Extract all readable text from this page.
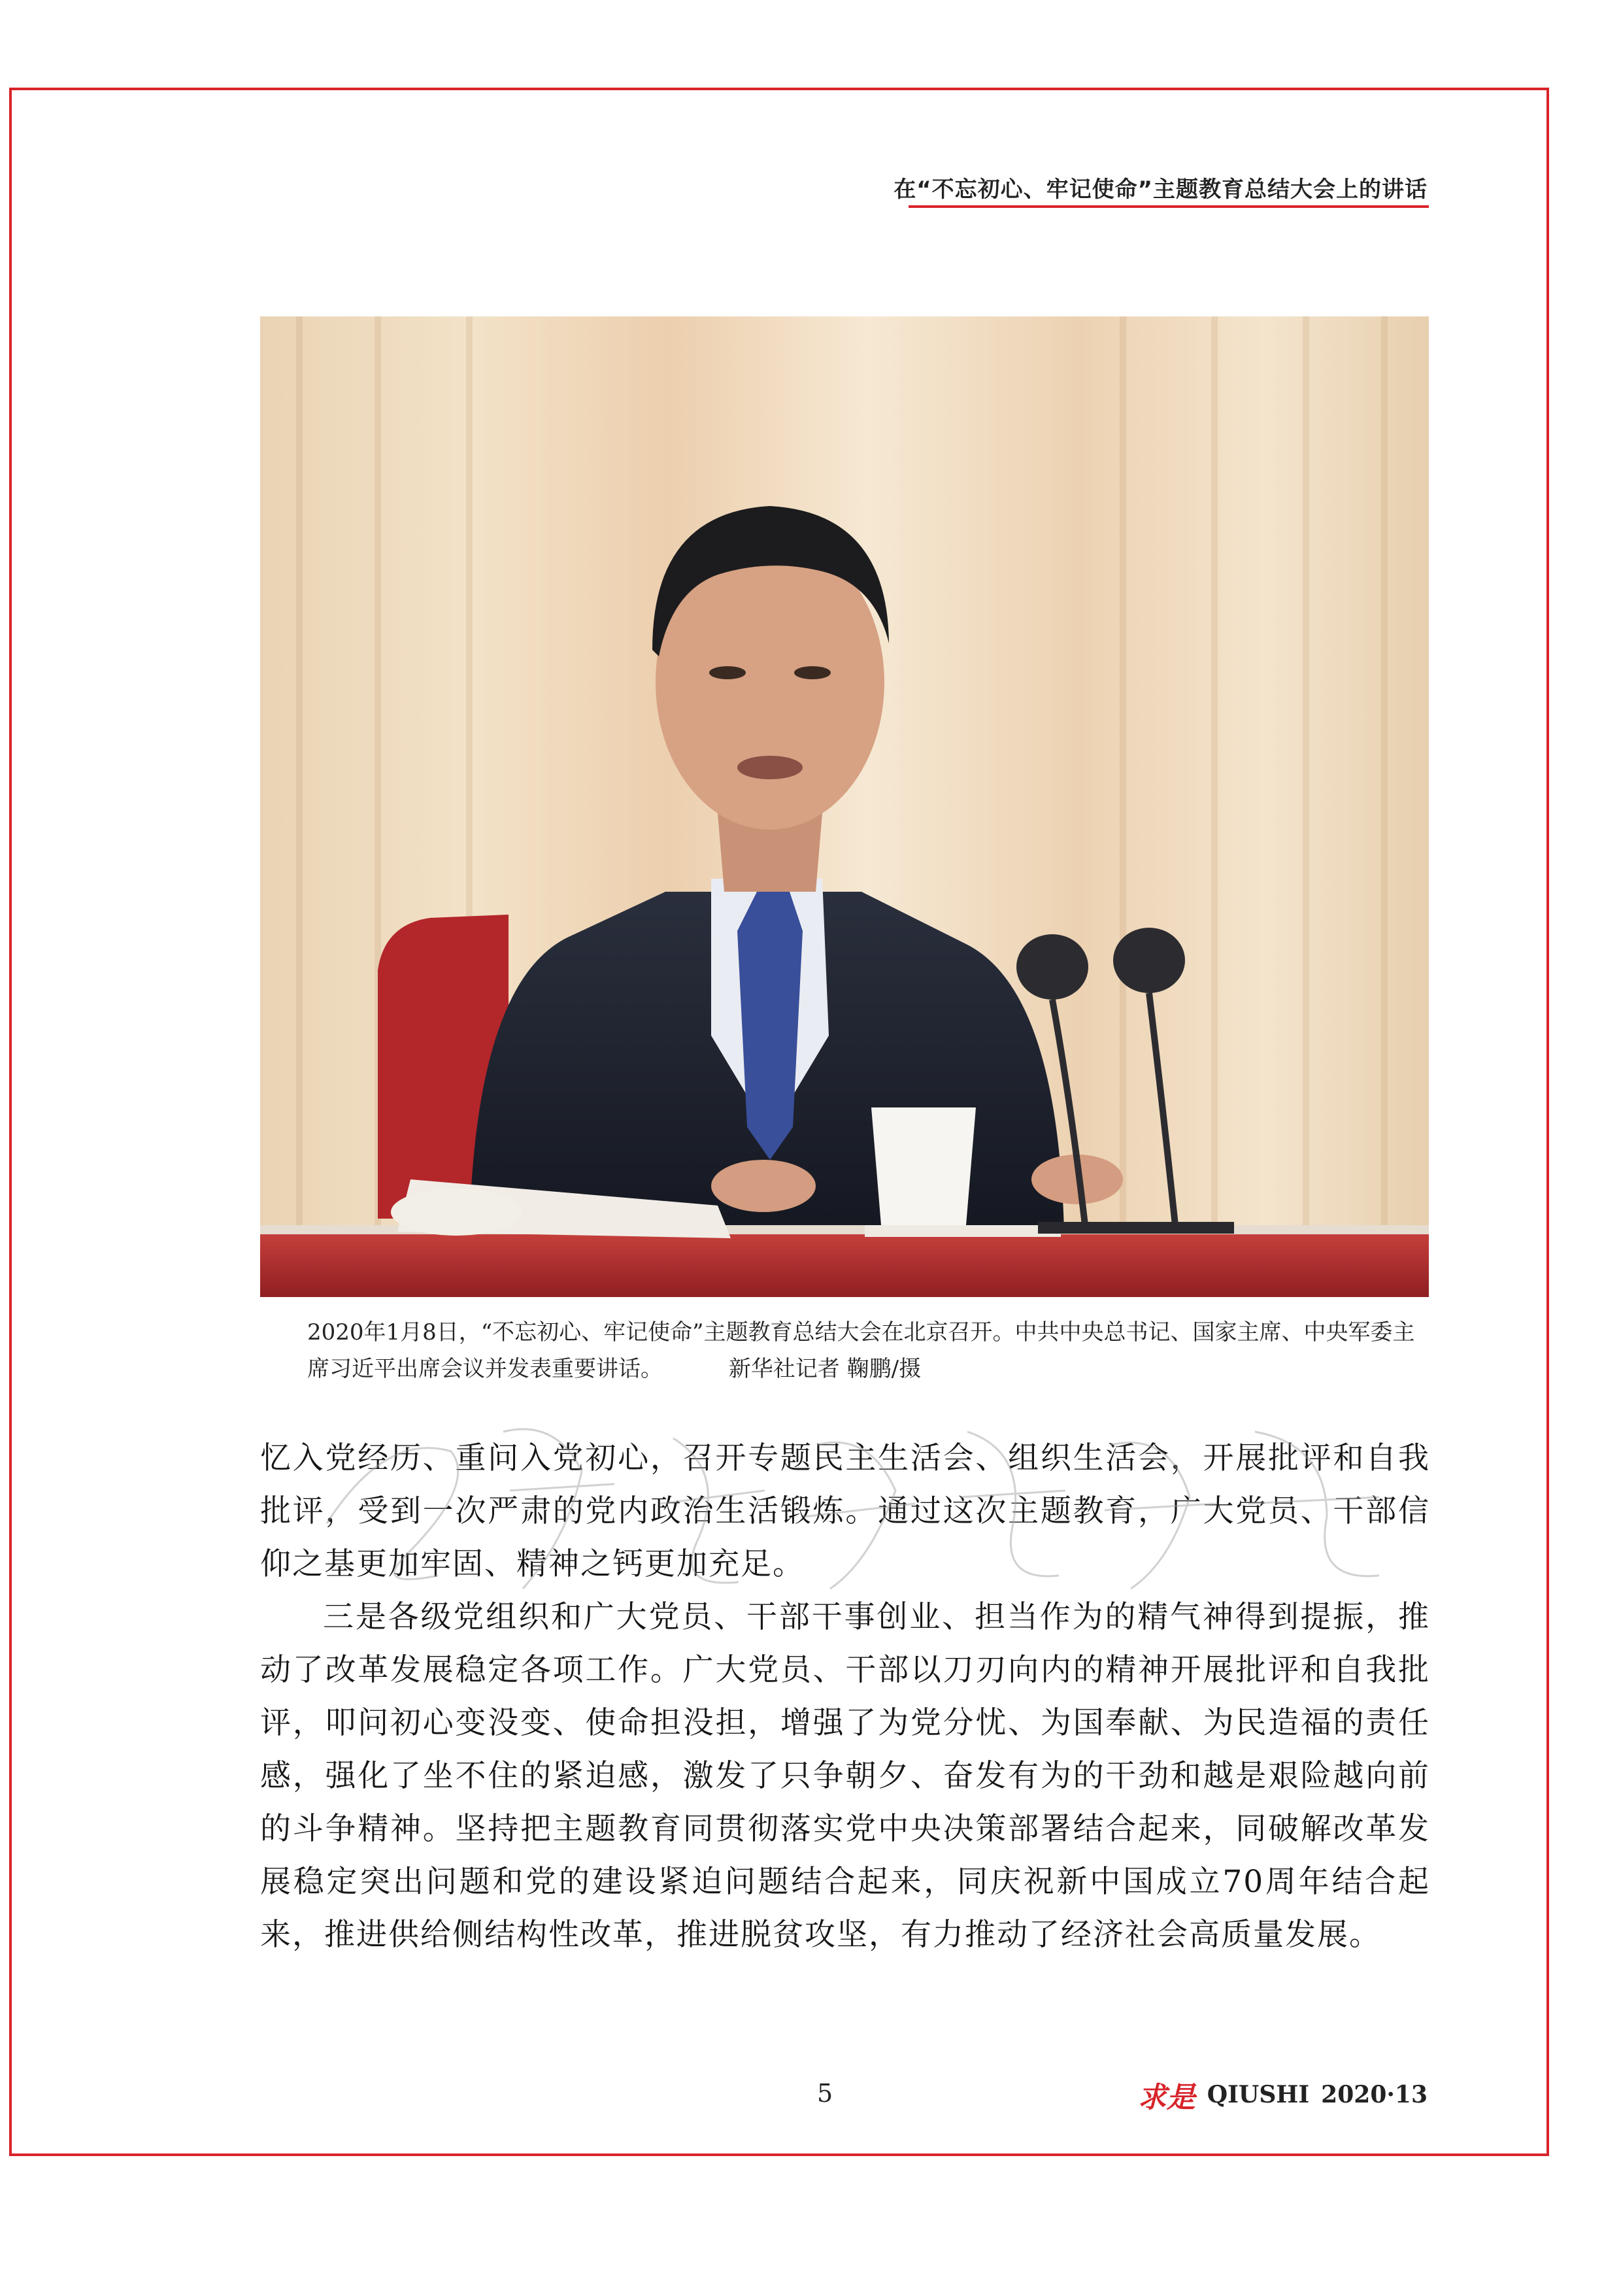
在“不忘初心、牢记使命”主题教育总结大会上的讲话
2020年1月8日，“不忘初心、牢记使命”主题教育总结大会在北京召开。中共中央总书记、国家主席、中央军委主席习近平出席会议并发表重要讲话。	新华社记者 鞠鹏/摄

忆入党经历、重问入党初心，召开专题民主生活会、组织生活会，开展批评和自我批评，受到一次严肃的党内政治生活锻炼。通过这次主题教育，广大党员、干部信仰之基更加牢固、精神之钙更加充足。

三是各级党组织和广大党员、干部干事创业、担当作为的精气神得到提振，推动了改革发展稳定各项工作。广大党员、干部以刀刃向内的精神开展批评和自我批评，叩问初心变没变、使命担没担，增强了为党分忧、为国奉献、为民造福的责任感，强化了坐不住的紧迫感，激发了只争朝夕、奋发有为的干劲和越是艰险越向前的斗争精神。坚持把主题教育同贯彻落实党中央决策部署结合起来，同破解改革发展稳定突出问题和党的建设紧迫问题结合起来，同庆祝新中国成立70周年结合起来，推进供给侧结构性改革，推进脱贫攻坚，有力推动了经济社会高质量发展。

5	求是 QIUSHI 2020·13
